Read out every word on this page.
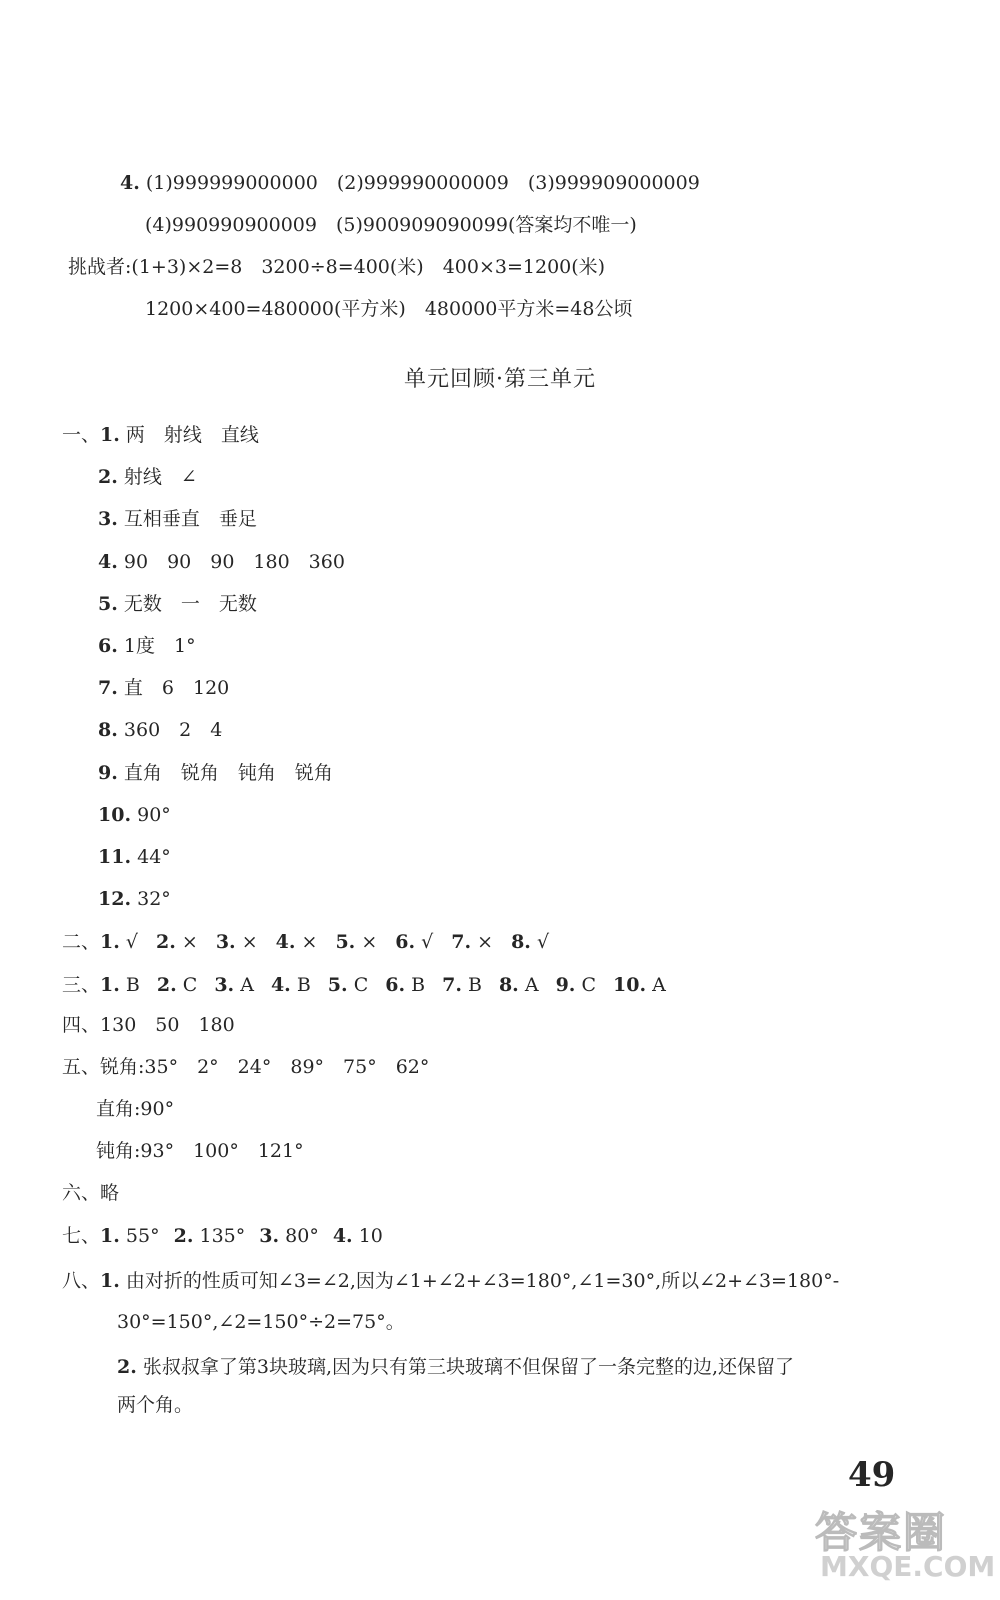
4. (1)999999000000　(2)999990000009　(3)999909000009
(4)990990900009　(5)900909090099(答案均不唯一)
挑战者:(1+3)×2=8　3200÷8=400(米)　400×3=1200(米)
1200×400=480000(平方米)　480000平方米=48公顷
单元回顾·第三单元
一、1. 两　射线　直线
2. 射线　∠
3. 互相垂直　垂足
4. 90　90　90　180　360
5. 无数　一　无数
6. 1度　1°
7. 直　6　120
8. 360　2　4
9. 直角　锐角　钝角　锐角
10. 90°
11. 44°
12. 32°
二、1. √ 2. × 3. × 4. × 5. × 6. √ 7. × 8. √
三、1. B 2. C 3. A 4. B 5. C 6. B 7. B 8. A 9. C 10. A
四、130　50　180
五、锐角:35°　2°　24°　89°　75°　62°
直角:90°
钝角:93°　100°　121°
六、略
七、1. 55° 2. 135° 3. 80° 4. 10
八、1. 由对折的性质可知∠3=∠2,因为∠1+∠2+∠3=180°,∠1=30°,所以∠2+∠3=180°-
30°=150°,∠2=150°÷2=75°。
2. 张叔叔拿了第3块玻璃,因为只有第三块玻璃不但保留了一条完整的边,还保留了
两个角。
49
答案圈
MXQE.COM
